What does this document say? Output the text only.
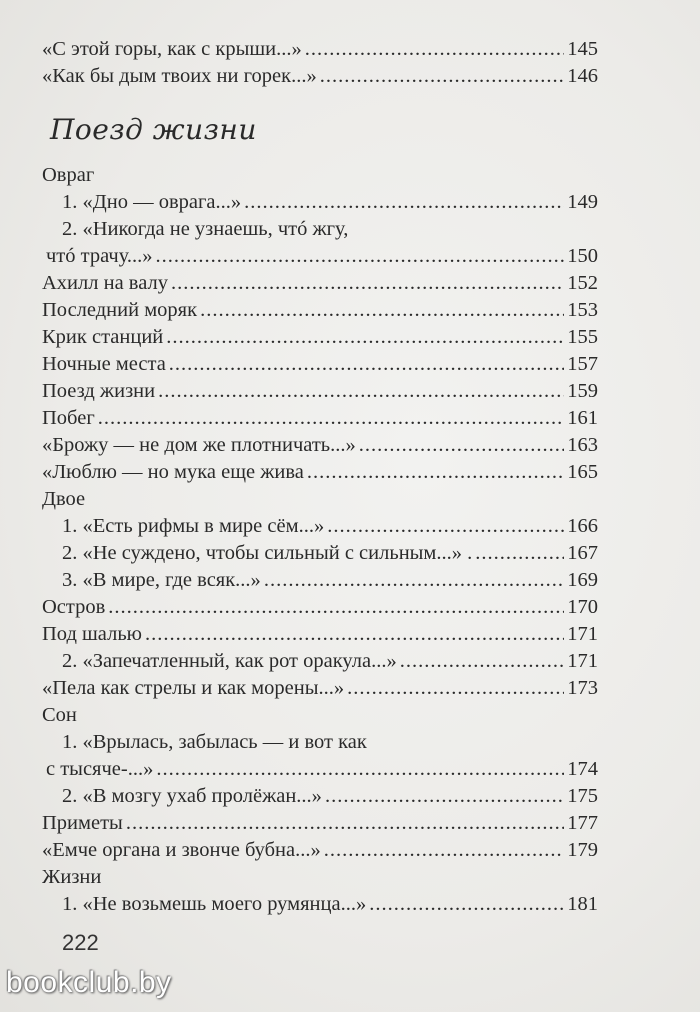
«С этой горы, как с крыши...» .....	145
«Как бы дым твоих ни горек...» .....	146
Поезд жизни
Овраг
1. «Дно — оврага...» .....	149
2. «Никогда не узнаешь, чтó жгу,
чтó трачу...» .....	150
Ахилл на валу .....	152
Последний моряк .....	153
Крик станций .....	155
Ночные места .....	157
Поезд жизни .....	159
Побег .....	161
«Брожу — не дом же плотничать...» .....	163
«Люблю — но мука еще жива .....	165
Двое
1. «Есть рифмы в мире сём...» .....	166
2. «Не суждено, чтобы сильный с сильным...» . .....	167
3. «В мире, где всяк...» .....	169
Остров .....	170
Под шалью .....	171
2. «Запечатленный, как рот оракула...» .....	171
«Пела как стрелы и как морены...» .....	173
Сон
1. «Врылась, забылась — и вот как
с тысяче-...» .....	174
2. «В мозгу ухаб пролёжан...» .....	175
Приметы .....	177
«Емче органа и звонче бубна...» .....	179
Жизни
1. «Не возьмешь моего румянца...» .....	181
222
bookclub.by
